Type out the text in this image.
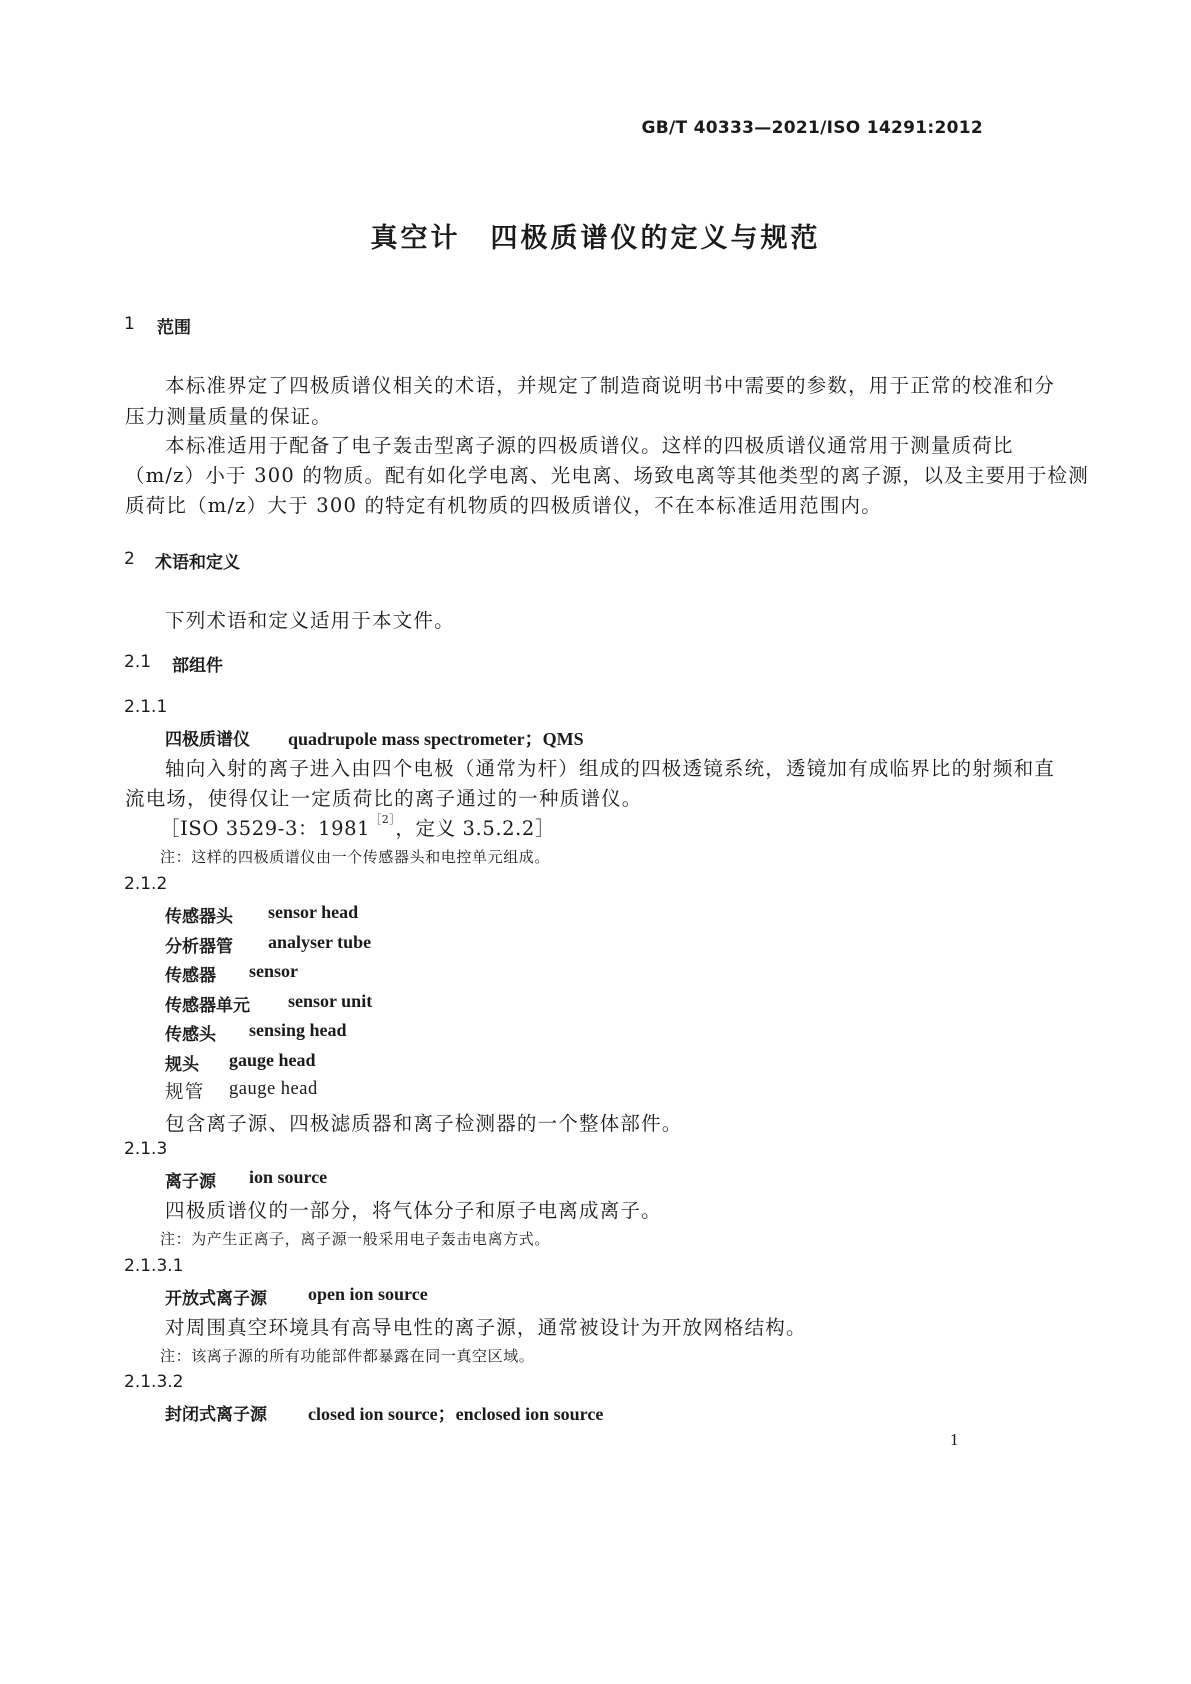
GB/T 40333—2021/ISO 14291:2012
真空计　四极质谱仪的定义与规范
1 范围
本标准界定了四极质谱仪相关的术语，并规定了制造商说明书中需要的参数，用于正常的校准和分
压力测量质量的保证。
本标准适用于配备了电子轰击型离子源的四极质谱仪。这样的四极质谱仪通常用于测量质荷比
（m/z）小于 300 的物质。配有如化学电离、光电离、场致电离等其他类型的离子源，以及主要用于检测
质荷比（m/z）大于 300 的特定有机物质的四极质谱仪，不在本标准适用范围内。
2 术语和定义
下列术语和定义适用于本文件。
2.1 部组件
2.1.1
四极质谱仪 quadrupole mass spectrometer；QMS
轴向入射的离子进入由四个电极（通常为杆）组成的四极透镜系统，透镜加有成临界比的射频和直
流电场，使得仅让一定质荷比的离子通过的一种质谱仪。
［ISO 3529-3：$1981^{[2]}$，定义 3.5.2.2］
注：这样的四极质谱仪由一个传感器头和电控单元组成。
2.1.2
传感器头 sensor head
分析器管 analyser tube
传感器 sensor
传感器单元 sensor unit
传感头 sensing head
规头 gauge head
规管 gauge head
包含离子源、四极滤质器和离子检测器的一个整体部件。
2.1.3
离子源 ion source
四极质谱仪的一部分，将气体分子和原子电离成离子。
注：为产生正离子，离子源一般采用电子轰击电离方式。
2.1.3.1
开放式离子源 open ion source
对周围真空环境具有高导电性的离子源，通常被设计为开放网格结构。
注：该离子源的所有功能部件都暴露在同一真空区域。
2.1.3.2
封闭式离子源 closed ion source；enclosed ion source
1
